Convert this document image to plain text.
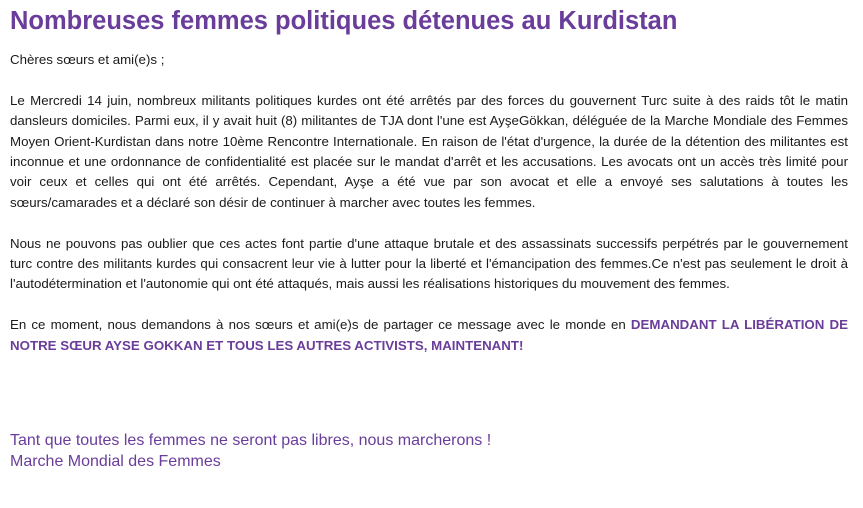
Nombreuses femmes politiques détenues au Kurdistan

Chères sœurs et ami(e)s ;

Le Mercredi 14 juin, nombreux militants politiques kurdes ont été arrêtés par des forces du gouvernent Turc suite à des raids tôt le matin dansleurs domiciles. Parmi eux, il y avait huit (8) militantes de TJA dont l'une est AyşeGökkan, déléguée de la Marche Mondiale des Femmes Moyen Orient-Kurdistan dans notre 10ème Rencontre Internationale. En raison de l'état d'urgence, la durée de la détention des militantes est inconnue et une ordonnance de confidentialité est placée sur le mandat d'arrêt et les accusations. Les avocats ont un accès très limité pour voir ceux et celles qui ont été arrêtés. Cependant, Ayşe a été vue par son avocat et elle a envoyé ses salutations à toutes les sœurs/camarades et a déclaré son désir de continuer à marcher avec toutes les femmes.

Nous ne pouvons pas oublier que ces actes font partie d'une attaque brutale et des assassinats successifs perpétrés par le gouvernement turc contre des militants kurdes qui consacrent leur vie à lutter pour la liberté et l'émancipation des femmes.Ce n'est pas seulement le droit à l'autodétermination et l'autonomie qui ont été attaqués, mais aussi les réalisations historiques du mouvement des femmes.

En ce moment, nous demandons à nos sœurs et ami(e)s de partager ce message avec le monde en DEMANDANT LA LIBÉRATION DE NOTRE SŒUR AYSE GOKKAN ET TOUS LES AUTRES ACTIVISTS, MAINTENANT!

Tant que toutes les femmes ne seront pas libres, nous marcherons !
Marche Mondial des Femmes
